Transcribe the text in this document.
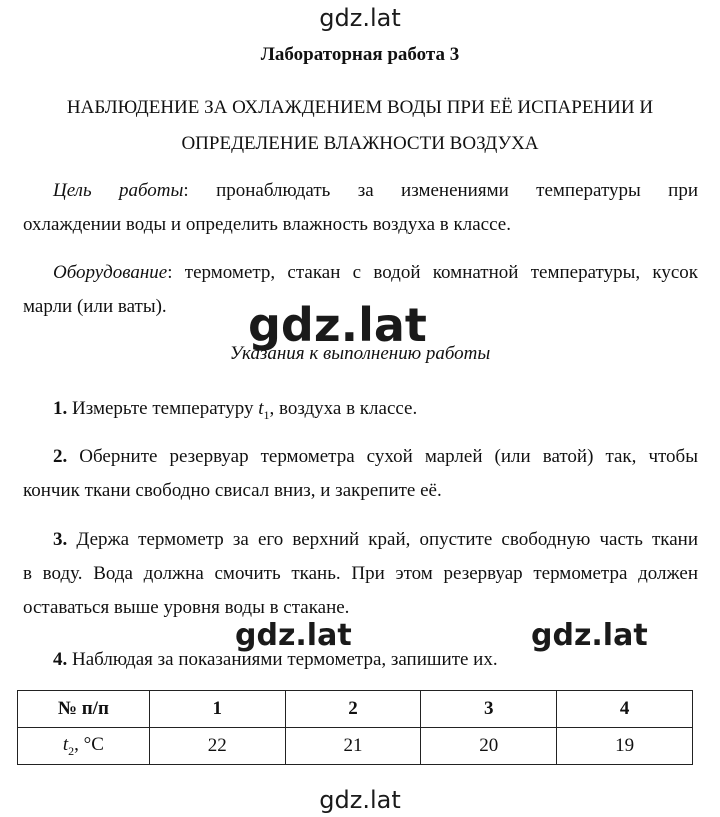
gdz.lat
gdz.lat
gdz.lat	gdz.lat
gdz.lat
Лабораторная работа 3
НАБЛЮДЕНИЕ ЗА ОХЛАЖДЕНИЕМ ВОДЫ ПРИ ЕЁ ИСПАРЕНИИ И
ОПРЕДЕЛЕНИЕ ВЛАЖНОСТИ ВОЗДУХА
Цель работы: пронаблюдать за изменениями температуры при
охлаждении воды и определить влажность воздуха в классе.
Оборудование: термометр, стакан с водой комнатной температуры, кусок
марли (или ваты).
Указания к выполнению работы
1. Измерьте температуру $t_1$, воздуха в классе.
2. Оберните резервуар термометра сухой марлей (или ватой) так, чтобы
кончик ткани свободно свисал вниз, и закрепите её.
3. Держа термометр за его верхний край, опустите свободную часть ткани
в воду. Вода должна смочить ткань. При этом резервуар термометра должен
оставаться выше уровня воды в стакане.
4. Наблюдая за показаниями термометра, запишите их.
№ п/п	1	2	3	4
$t_2$, °C	22	21	20	19
